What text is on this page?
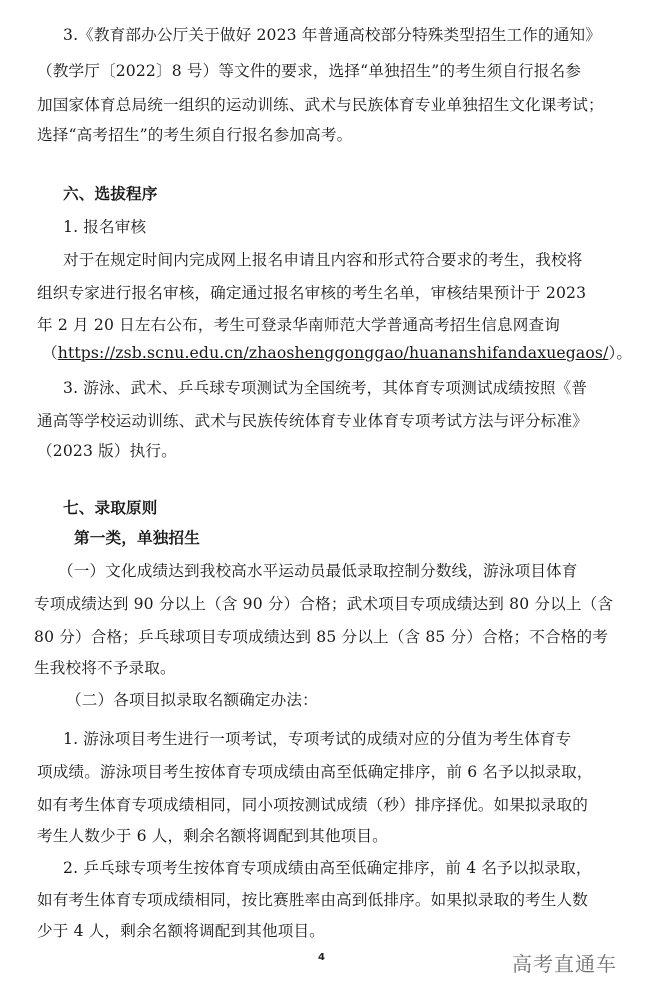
3.《教育部办公厅关于做好 2023 年普通高校部分特殊类型招生工作的通知》
（教学厅〔2022〕8 号）等文件的要求，选择“单独招生”的考生须自行报名参
加国家体育总局统一组织的运动训练、武术与民族体育专业单独招生文化课考试；
选择“高考招生”的考生须自行报名参加高考。
六、选拔程序
1. 报名审核
对于在规定时间内完成网上报名申请且内容和形式符合要求的考生，我校将
组织专家进行报名审核，确定通过报名审核的考生名单，审核结果预计于 2023
年 2 月 20 日左右公布，考生可登录华南师范大学普通高考招生信息网查询
（https://zsb.scnu.edu.cn/zhaoshenggonggao/huananshifandaxuegaos/）。
3. 游泳、武术、乒乓球专项测试为全国统考，其体育专项测试成绩按照《普
通高等学校运动训练、武术与民族传统体育专业体育专项考试方法与评分标准》
（2023 版）执行。
七、录取原则
第一类，单独招生
（一）文化成绩达到我校高水平运动员最低录取控制分数线，游泳项目体育
专项成绩达到 90 分以上（含 90 分）合格；武术项目专项成绩达到 80 分以上（含
80 分）合格；乒乓球项目专项成绩达到 85 分以上（含 85 分）合格；不合格的考
生我校将不予录取。
（二）各项目拟录取名额确定办法：
1. 游泳项目考生进行一项考试，专项考试的成绩对应的分值为考生体育专
项成绩。游泳项目考生按体育专项成绩由高至低确定排序，前 6 名予以拟录取，
如有考生体育专项成绩相同，同小项按测试成绩（秒）排序择优。如果拟录取的
考生人数少于 6 人，剩余名额将调配到其他项目。
2. 乒乓球专项考生按体育专项成绩由高至低确定排序，前 4 名予以拟录取，
如有考生体育专项成绩相同，按比赛胜率由高到低排序。如果拟录取的考生人数
少于 4 人，剩余名额将调配到其他项目。
4	高考直通车
